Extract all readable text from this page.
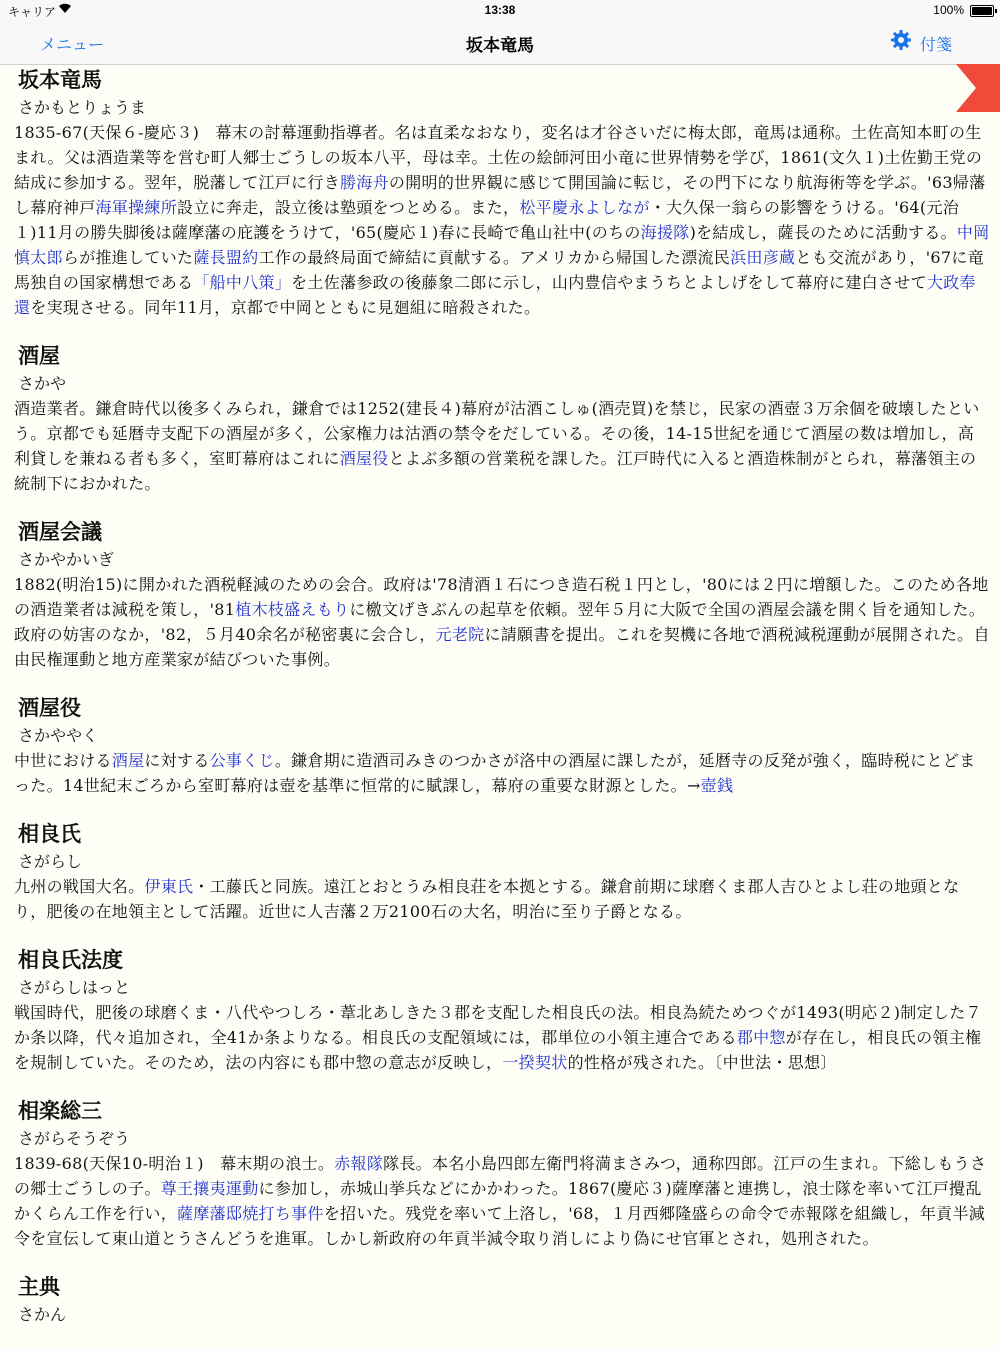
キャリア	13:38	100%
メニュー	坂本竜馬	付箋
坂本竜馬
さかもとりょうま
1835-67(天保６-慶応３)　幕末の討幕運動指導者。名は直柔なおなり，変名は才谷さいだに梅太郎，竜馬は通称。土佐高知本町の生まれ。父は酒造業等を営む町人郷士ごうしの坂本八平，母は幸。土佐の絵師河田小竜に世界情勢を学び，1861(文久１)土佐勤王党の結成に参加する。翌年，脱藩して江戸に行き勝海舟の開明的世界観に感じて開国論に転じ，その門下になり航海術等を学ぶ。'63帰藩し幕府神戸海軍操練所設立に奔走，設立後は塾頭をつとめる。また，松平慶永よしなが・大久保一翁らの影響をうける。'64(元治１)11月の勝失脚後は薩摩藩の庇護をうけて，'65(慶応１)春に長崎で亀山社中(のちの海援隊)を結成し，薩長のために活動する。中岡慎太郎らが推進していた薩長盟約工作の最終局面で締結に貢献する。アメリカから帰国した漂流民浜田彦蔵とも交流があり，'67に竜馬独自の国家構想である「船中八策」を土佐藩参政の後藤象二郎に示し，山内豊信やまうちとよしげをして幕府に建白させて大政奉還を実現させる。同年11月，京都で中岡とともに見廻組に暗殺された。
酒屋
さかや
酒造業者。鎌倉時代以後多くみられ，鎌倉では1252(建長４)幕府が沽酒こしゅ(酒売買)を禁じ，民家の酒壺３万余個を破壊したという。京都でも延暦寺支配下の酒屋が多く，公家権力は沽酒の禁令をだしている。その後，14-15世紀を通じて酒屋の数は増加し，高利貸しを兼ねる者も多く，室町幕府はこれに酒屋役とよぶ多額の営業税を課した。江戸時代に入ると酒造株制がとられ，幕藩領主の統制下におかれた。
酒屋会議
さかやかいぎ
1882(明治15)に開かれた酒税軽減のための会合。政府は'78清酒１石につき造石税１円とし，'80には２円に増額した。このため各地の酒造業者は減税を策し，'81植木枝盛えもりに檄文げきぶんの起草を依頼。翌年５月に大阪で全国の酒屋会議を開く旨を通知した。政府の妨害のなか，'82，５月40余名が秘密裏に会合し，元老院に請願書を提出。これを契機に各地で酒税減税運動が展開された。自由民権運動と地方産業家が結びついた事例。
酒屋役
さかややく
中世における酒屋に対する公事くじ。鎌倉期に造酒司みきのつかさが洛中の酒屋に課したが，延暦寺の反発が強く，臨時税にとどまった。14世紀末ごろから室町幕府は壺を基準に恒常的に賦課し，幕府の重要な財源とした。→壺銭
相良氏
さがらし
九州の戦国大名。伊東氏・工藤氏と同族。遠江とおとうみ相良荘を本拠とする。鎌倉前期に球磨くま郡人吉ひとよし荘の地頭となり，肥後の在地領主として活躍。近世に人吉藩２万2100石の大名，明治に至り子爵となる。
相良氏法度
さがらしはっと
戦国時代，肥後の球磨くま・八代やつしろ・葦北あしきた３郡を支配した相良氏の法。相良為続ためつぐが1493(明応２)制定した７か条以降，代々追加され，全41か条よりなる。相良氏の支配領域には，郡単位の小領主連合である郡中惣が存在し，相良氏の領主権を規制していた。そのため，法の内容にも郡中惣の意志が反映し，一揆契状的性格が残された。〔中世法・思想〕
相楽総三
さがらそうぞう
1839-68(天保10-明治１)　幕末期の浪士。赤報隊隊長。本名小島四郎左衛門将満まさみつ，通称四郎。江戸の生まれ。下総しもうさの郷士ごうしの子。尊王攘夷運動に参加し，赤城山挙兵などにかかわった。1867(慶応３)薩摩藩と連携し，浪士隊を率いて江戸攪乱かくらん工作を行い，薩摩藩邸焼打ち事件を招いた。残党を率いて上洛し，'68，１月西郷隆盛らの命令で赤報隊を組織し，年貢半減令を宣伝して東山道とうさんどうを進軍。しかし新政府の年貢半減令取り消しにより偽にせ官軍とされ，処刑された。
主典
さかん
